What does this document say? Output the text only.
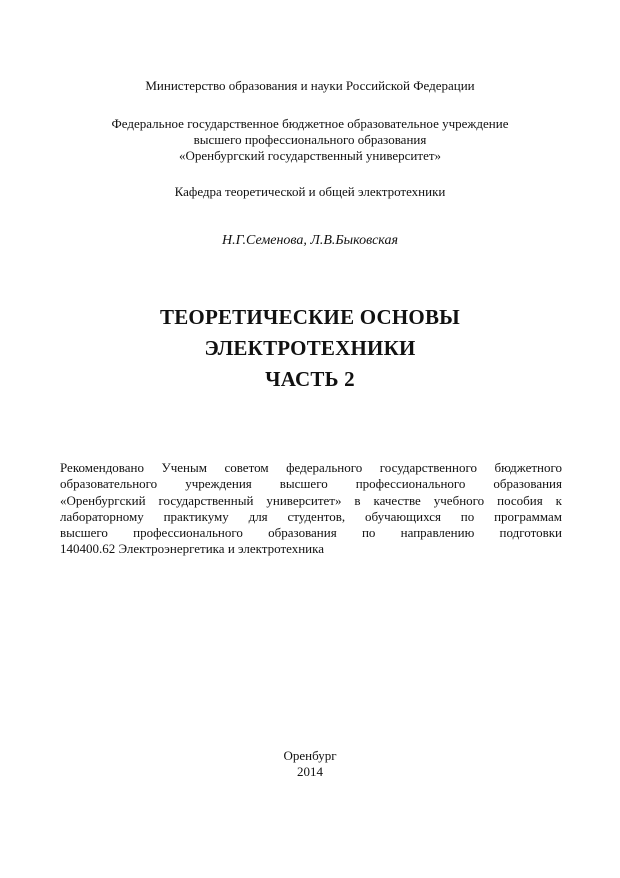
Министерство образования и науки Российской Федерации
Федеральное государственное бюджетное образовательное учреждение
высшего профессионального образования
«Оренбургский государственный университет»
Кафедра теоретической и общей электротехники
Н.Г.Семенова, Л.В.Быковская
ТЕОРЕТИЧЕСКИЕ ОСНОВЫ
ЭЛЕКТРОТЕХНИКИ
ЧАСТЬ 2
Рекомендовано Ученым советом федерального государственного бюджетного
образовательного учреждения высшего профессионального образования
«Оренбургский государственный университет» в качестве учебного пособия к
лабораторному практикуму для студентов, обучающихся по программам
высшего профессионального образования по направлению подготовки
140400.62 Электроэнергетика и электротехника
Оренбург
2014
